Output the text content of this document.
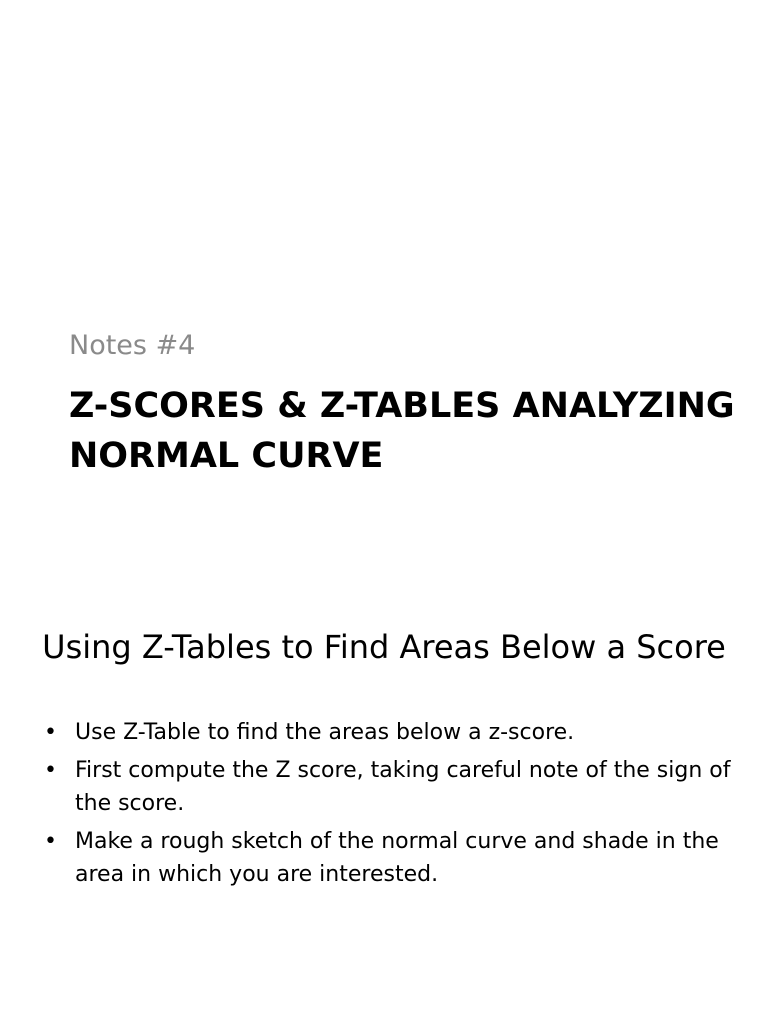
Notes #4
Z-SCORES & Z-TABLES ANALYZING
NORMAL CURVE
Using Z-Tables to Find Areas Below a Score
• Use Z-Table to find the areas below a z-score.
• First compute the Z score, taking careful note of the sign of the score.
• Make a rough sketch of the normal curve and shade in the area in which you are interested.
